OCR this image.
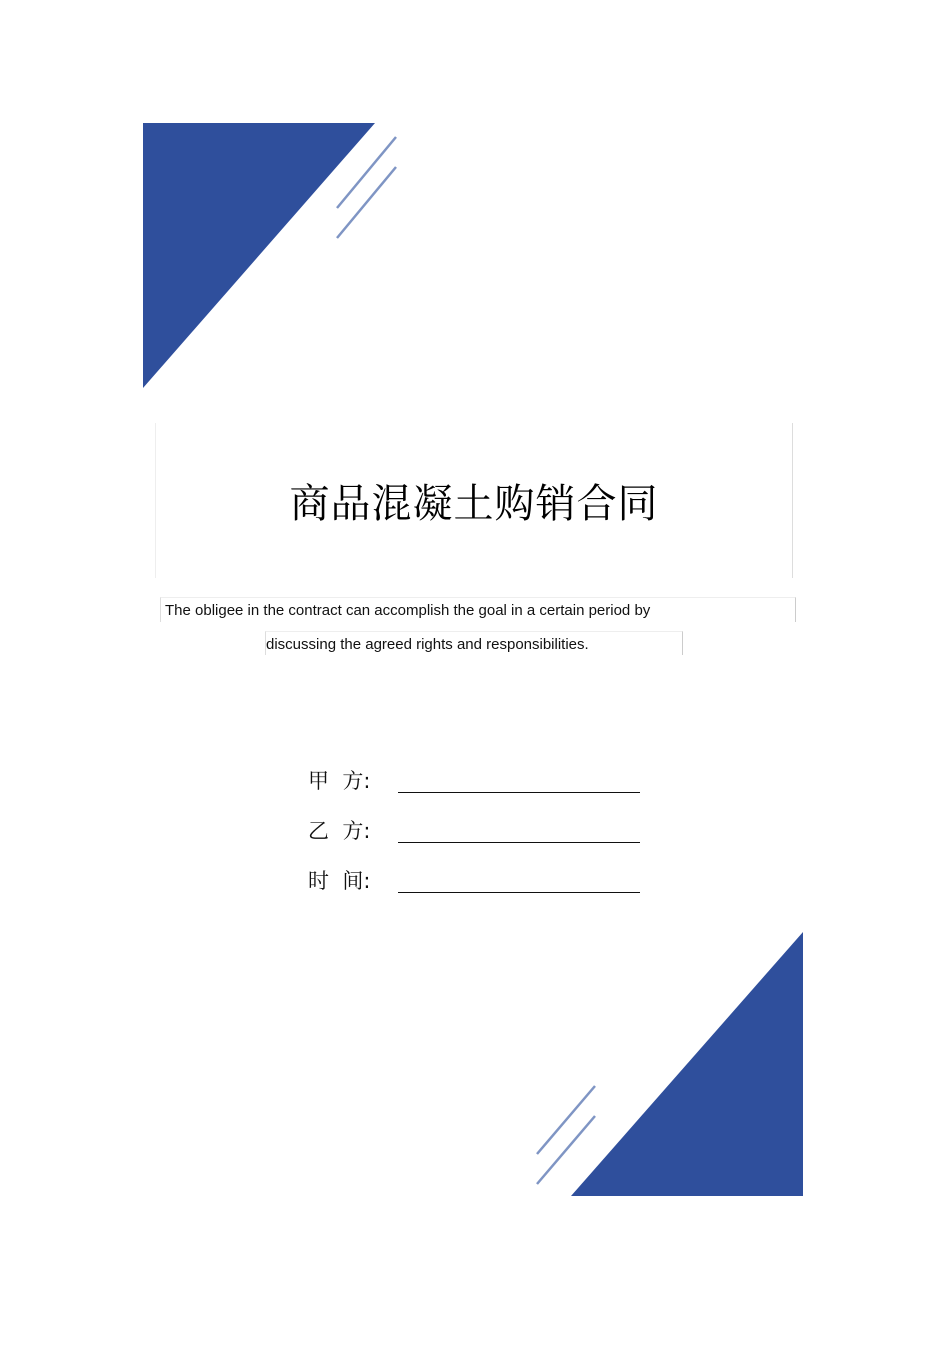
商品混凝土购销合同
The obligee in the contract can accomplish the goal in a certain period by
discussing the agreed rights and responsibilities.
甲  方:
乙  方:
时  间:
